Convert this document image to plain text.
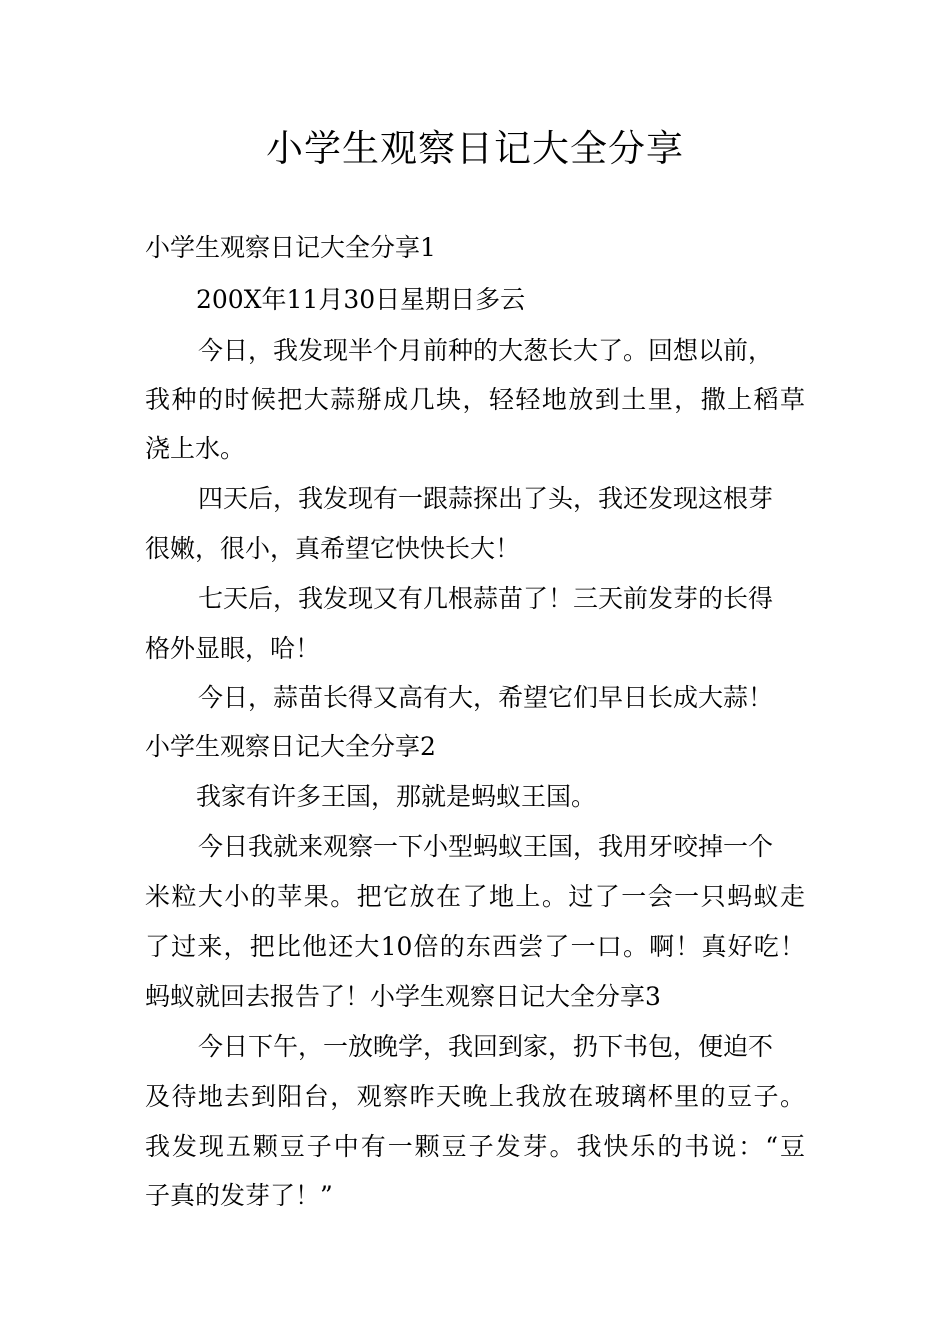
小学生观察日记大全分享
小学生观察日记大全分享1
200X年11月30日星期日多云
今日，我发现半个月前种的大葱长大了。回想以前，
我种的时候把大蒜掰成几块，轻轻地放到土里，撒上稻草
浇上水。
四天后，我发现有一跟蒜探出了头，我还发现这根芽
很嫩，很小，真希望它快快长大！
七天后，我发现又有几根蒜苗了！三天前发芽的长得
格外显眼，哈！
今日，蒜苗长得又高有大，希望它们早日长成大蒜！
小学生观察日记大全分享2
我家有许多王国，那就是蚂蚁王国。
今日我就来观察一下小型蚂蚁王国，我用牙咬掉一个
米粒大小的苹果。把它放在了地上。过了一会一只蚂蚁走
了过来，把比他还大10倍的东西尝了一口。啊！真好吃！
蚂蚁就回去报告了！小学生观察日记大全分享3
今日下午，一放晚学，我回到家，扔下书包，便迫不
及待地去到阳台，观察昨天晚上我放在玻璃杯里的豆子。
我发现五颗豆子中有一颗豆子发芽。我快乐的书说：“豆
子真的发芽了！”
